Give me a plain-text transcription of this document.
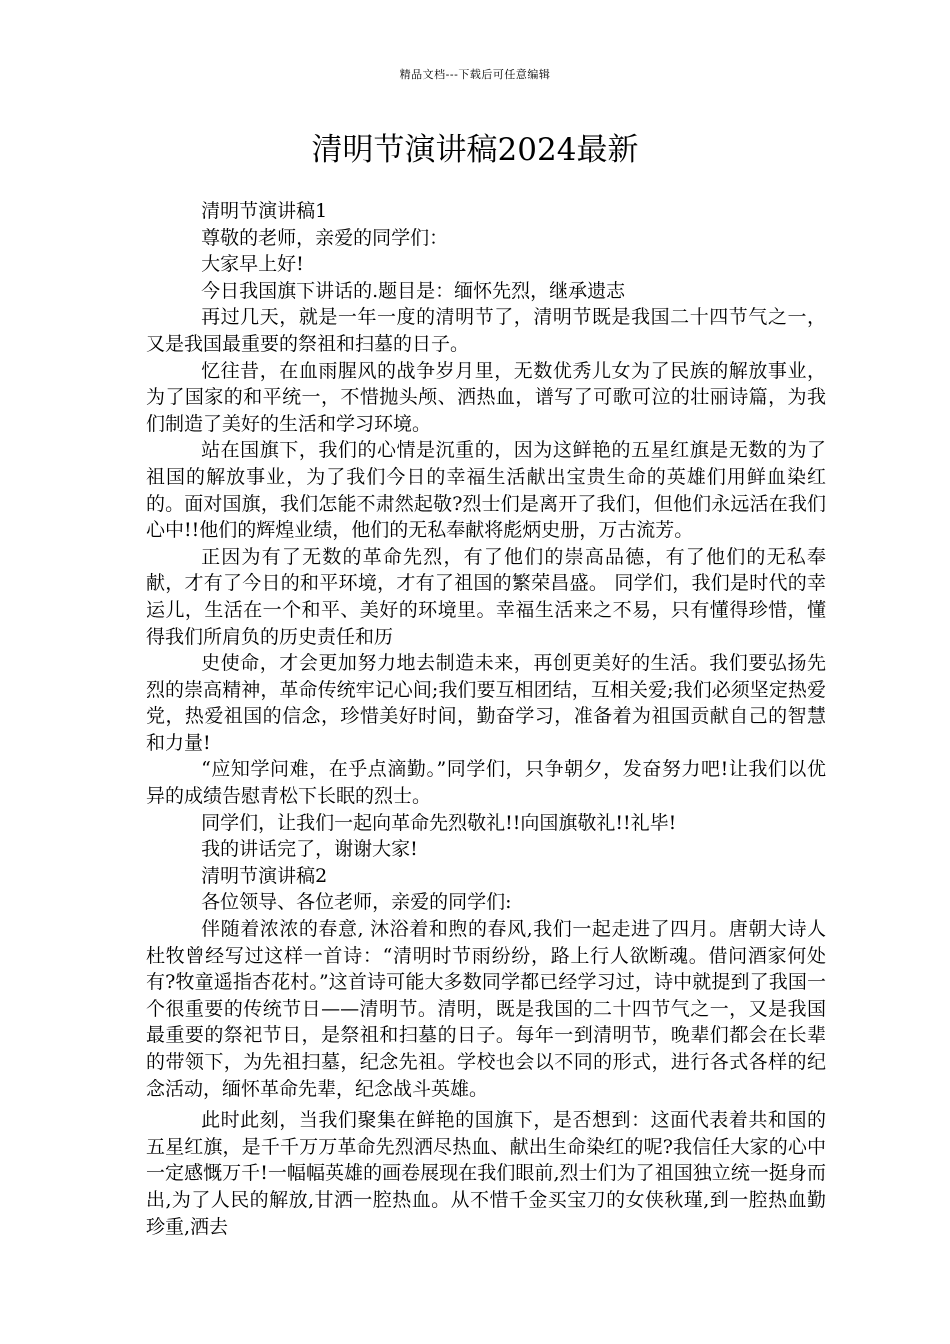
精品文档---下载后可任意编辑
清明节演讲稿2024最新

清明节演讲稿1

尊敬的老师，亲爱的同学们：

大家早上好!

今日我国旗下讲话的.题目是：缅怀先烈，继承遗志

再过几天，就是一年一度的清明节了，清明节既是我国二十四节气之一，又是我国最重要的祭祖和扫墓的日子。

忆往昔，在血雨腥风的战争岁月里，无数优秀儿女为了民族的解放事业，为了国家的和平统一，不惜抛头颅、洒热血，谱写了可歌可泣的壮丽诗篇，为我们制造了美好的生活和学习环境。

站在国旗下，我们的心情是沉重的，因为这鲜艳的五星红旗是无数的为了祖国的解放事业，为了我们今日的幸福生活献出宝贵生命的英雄们用鲜血染红的。面对国旗，我们怎能不肃然起敬?烈士们是离开了我们，但他们永远活在我们心中!!他们的辉煌业绩，他们的无私奉献将彪炳史册，万古流芳。

正因为有了无数的革命先烈，有了他们的崇高品德，有了他们的无私奉献，才有了今日的和平环境，才有了祖国的繁荣昌盛。 同学们，我们是时代的幸运儿，生活在一个和平、美好的环境里。幸福生活来之不易，只有懂得珍惜，懂得我们所肩负的历史责任和历

史使命，才会更加努力地去制造未来，再创更美好的生活。我们要弘扬先烈的崇高精神，革命传统牢记心间;我们要互相团结，互相关爱;我们必须坚定热爱党，热爱祖国的信念，珍惜美好时间，勤奋学习，准备着为祖国贡献自己的智慧和力量!

“应知学问难，在乎点滴勤。”同学们，只争朝夕，发奋努力吧!让我们以优异的成绩告慰青松下长眠的烈士。

同学们，让我们一起向革命先烈敬礼!!向国旗敬礼!!礼毕!

我的讲话完了，谢谢大家!

清明节演讲稿2

各位领导、各位老师，亲爱的同学们:

伴随着浓浓的春意, 沐浴着和煦的春风,我们一起走进了四月。唐朝大诗人杜牧曾经写过这样一首诗：“清明时节雨纷纷，路上行人欲断魂。借问酒家何处有?牧童遥指杏花村。”这首诗可能大多数同学都已经学习过，诗中就提到了我国一个很重要的传统节日——清明节。清明，既是我国的二十四节气之一，又是我国最重要的祭祀节日，是祭祖和扫墓的日子。每年一到清明节，晚辈们都会在长辈的带领下，为先祖扫墓，纪念先祖。学校也会以不同的形式，进行各式各样的纪念活动，缅怀革命先辈，纪念战斗英雄。

此时此刻，当我们聚集在鲜艳的国旗下，是否想到：这面代表着共和国的五星红旗，是千千万万革命先烈洒尽热血、献出生命染红的呢?我信任大家的心中一定感慨万千!一幅幅英雄的画卷展现在我们眼前,烈士们为了祖国独立统一挺身而出,为了人民的解放,甘洒一腔热血。从不惜千金买宝刀的女侠秋瑾,到一腔热血勤珍重,洒去
